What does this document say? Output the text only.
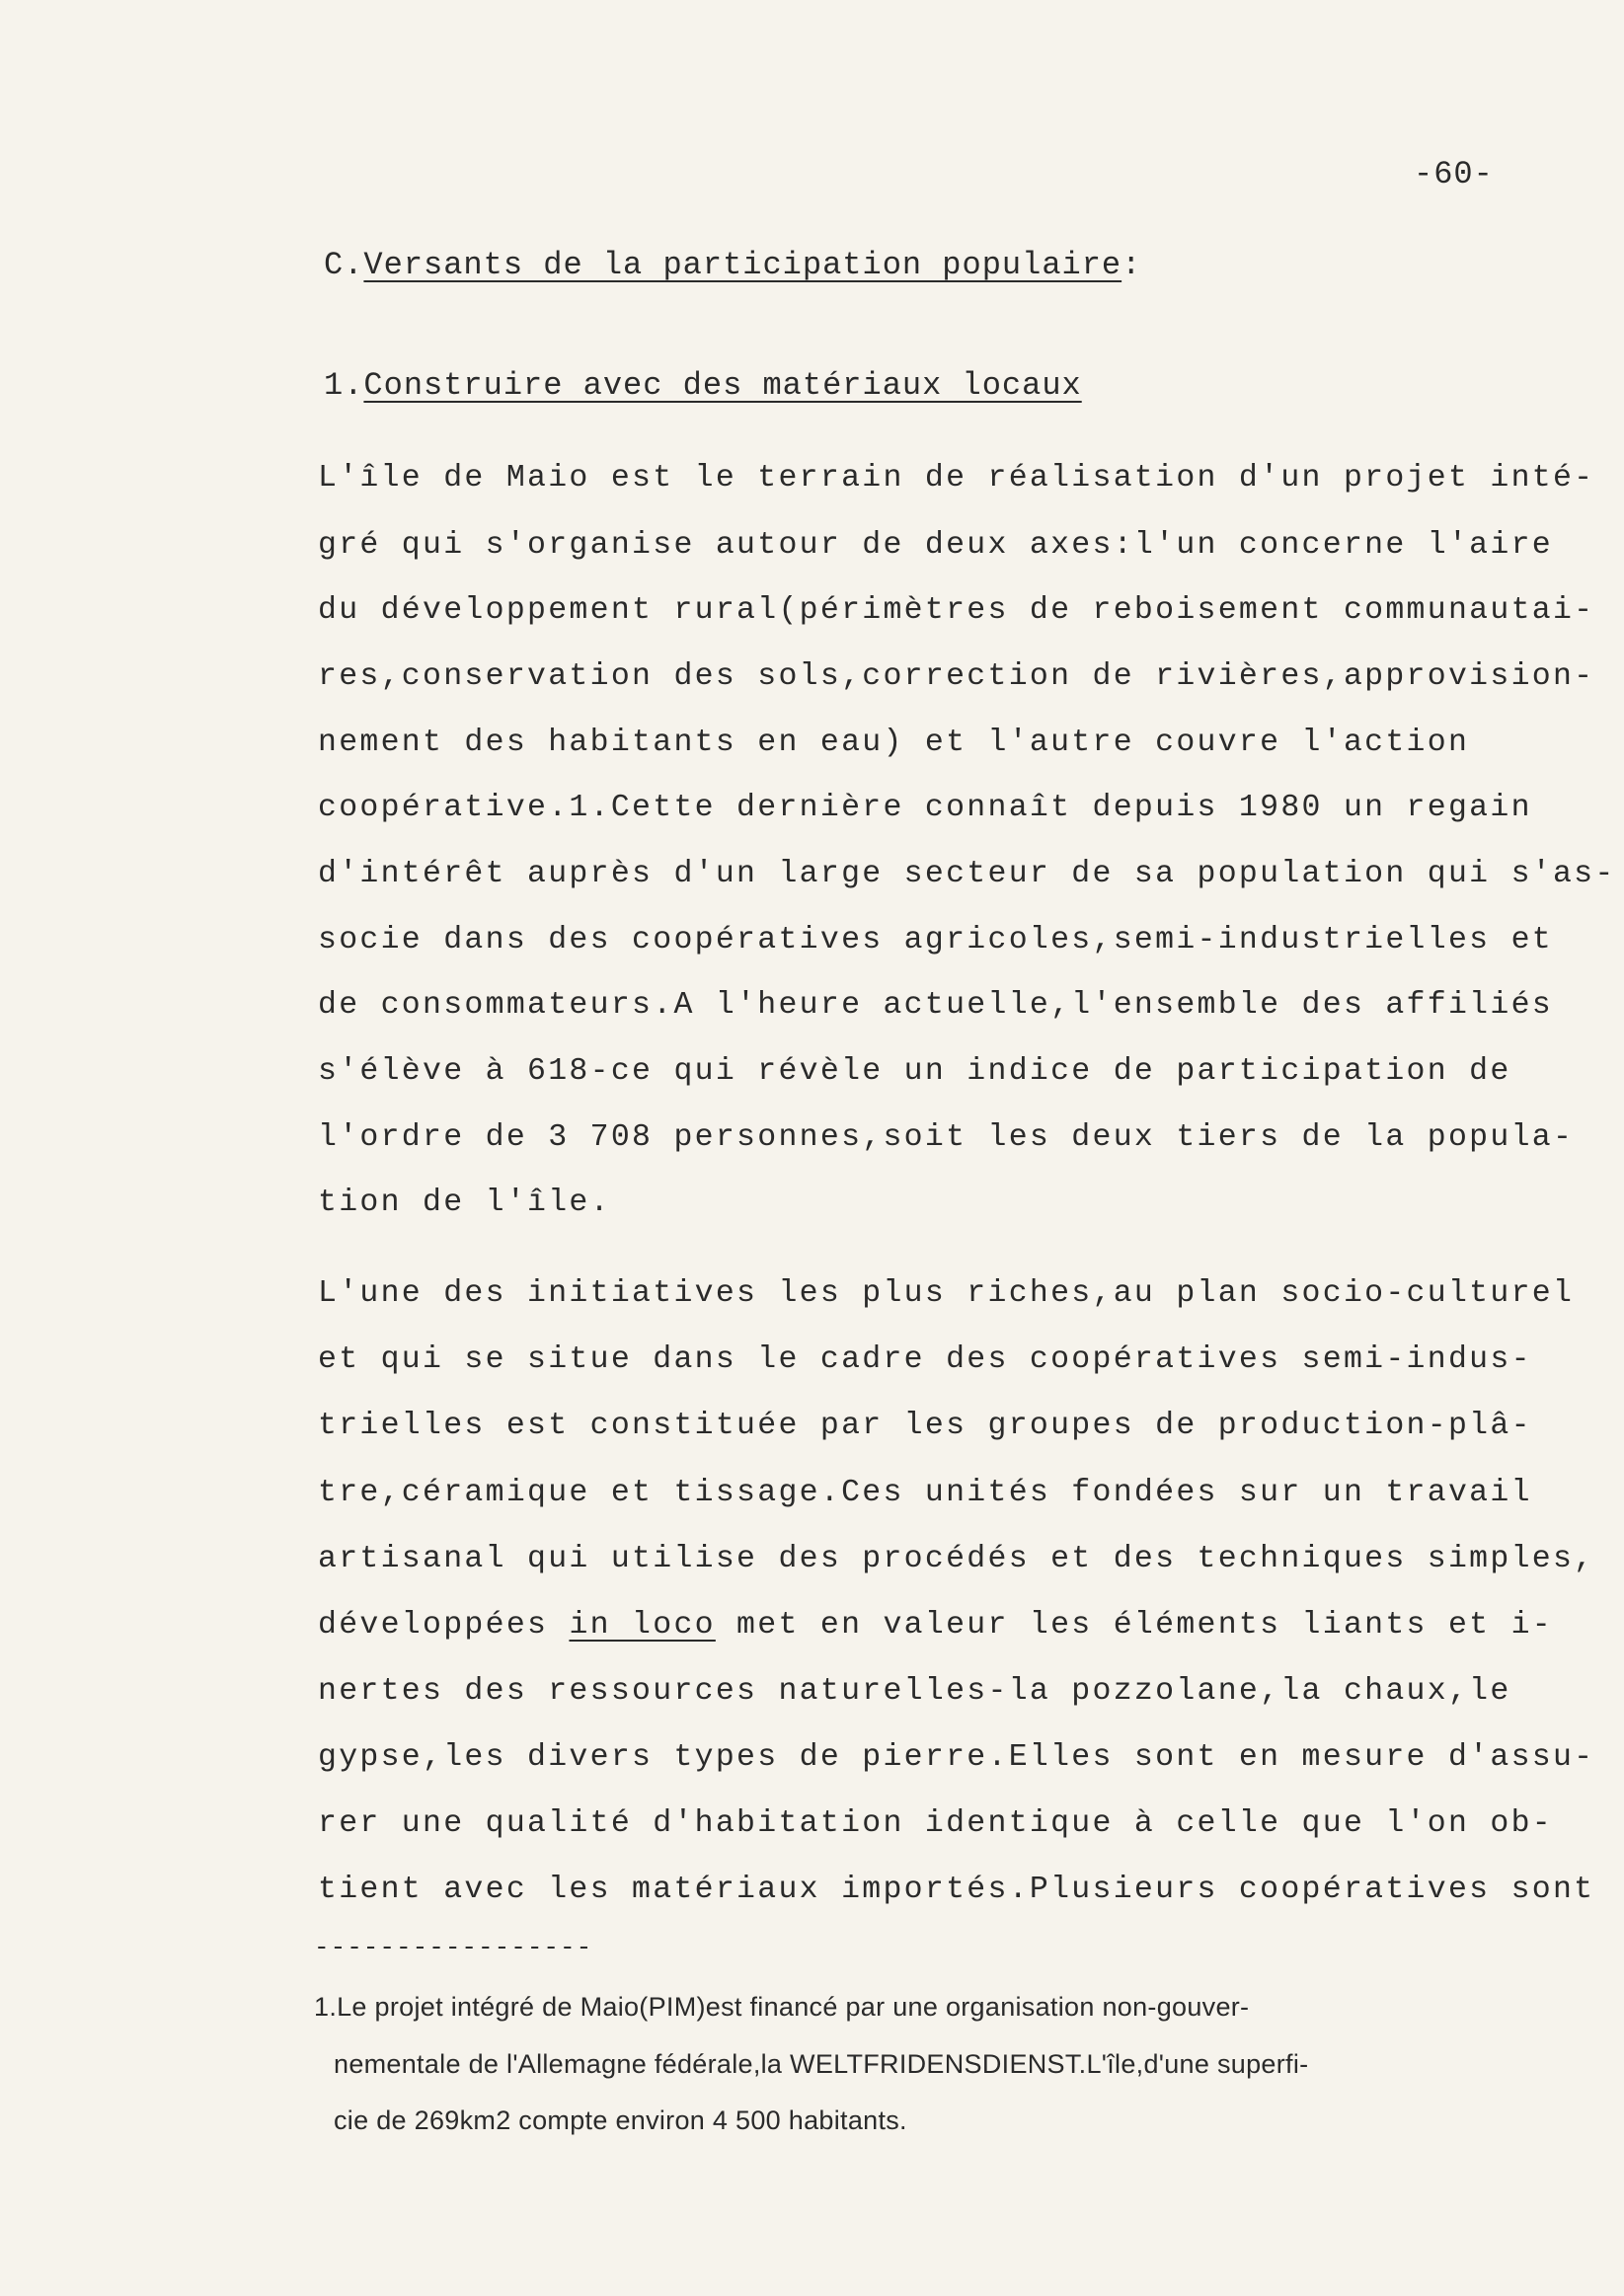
-60-
C.Versants de la participation populaire:
1.Construire avec des matériaux locaux
L'île de Maio est le terrain de réalisation d'un projet inté-
gré qui s'organise autour de deux axes:l'un concerne l'aire
du développement rural(périmètres de reboisement communautai-
res,conservation des sols,correction de rivières,approvision-
nement des habitants en eau) et l'autre couvre l'action
coopérative.1.Cette dernière connaît depuis 1980 un regain
d'intérêt auprès d'un large secteur de sa population qui s'as-
socie dans des coopératives agricoles,semi-industrielles et
de consommateurs.A l'heure actuelle,l'ensemble des affiliés
s'élève à 618-ce qui révèle un indice de participation de
l'ordre de 3 708 personnes,soit les deux tiers de la popula-
tion de l'île.
L'une des initiatives les plus riches,au plan socio-culturel
et qui se situe dans le cadre des coopératives semi-indus-
trielles est constituée par les groupes de production-plâ-
tre,céramique et tissage.Ces unités fondées sur un travail
artisanal qui utilise des procédés et des techniques simples,
développées in loco met en valeur les éléments liants et i-
nertes des ressources naturelles-la pozzolane,la chaux,le
gypse,les divers types de pierre.Elles sont en mesure d'assu-
rer une qualité d'habitation identique à celle que l'on ob-
tient avec les matériaux importés.Plusieurs coopératives sont
-----------------
1.Le projet intégré de Maio(PIM)est financé par une organisation non-gouver-
nementale de l'Allemagne fédérale,la WELTFRIDENSDIENST.L'île,d'une superfi-
cie de 269km2 compte environ 4 500 habitants.
